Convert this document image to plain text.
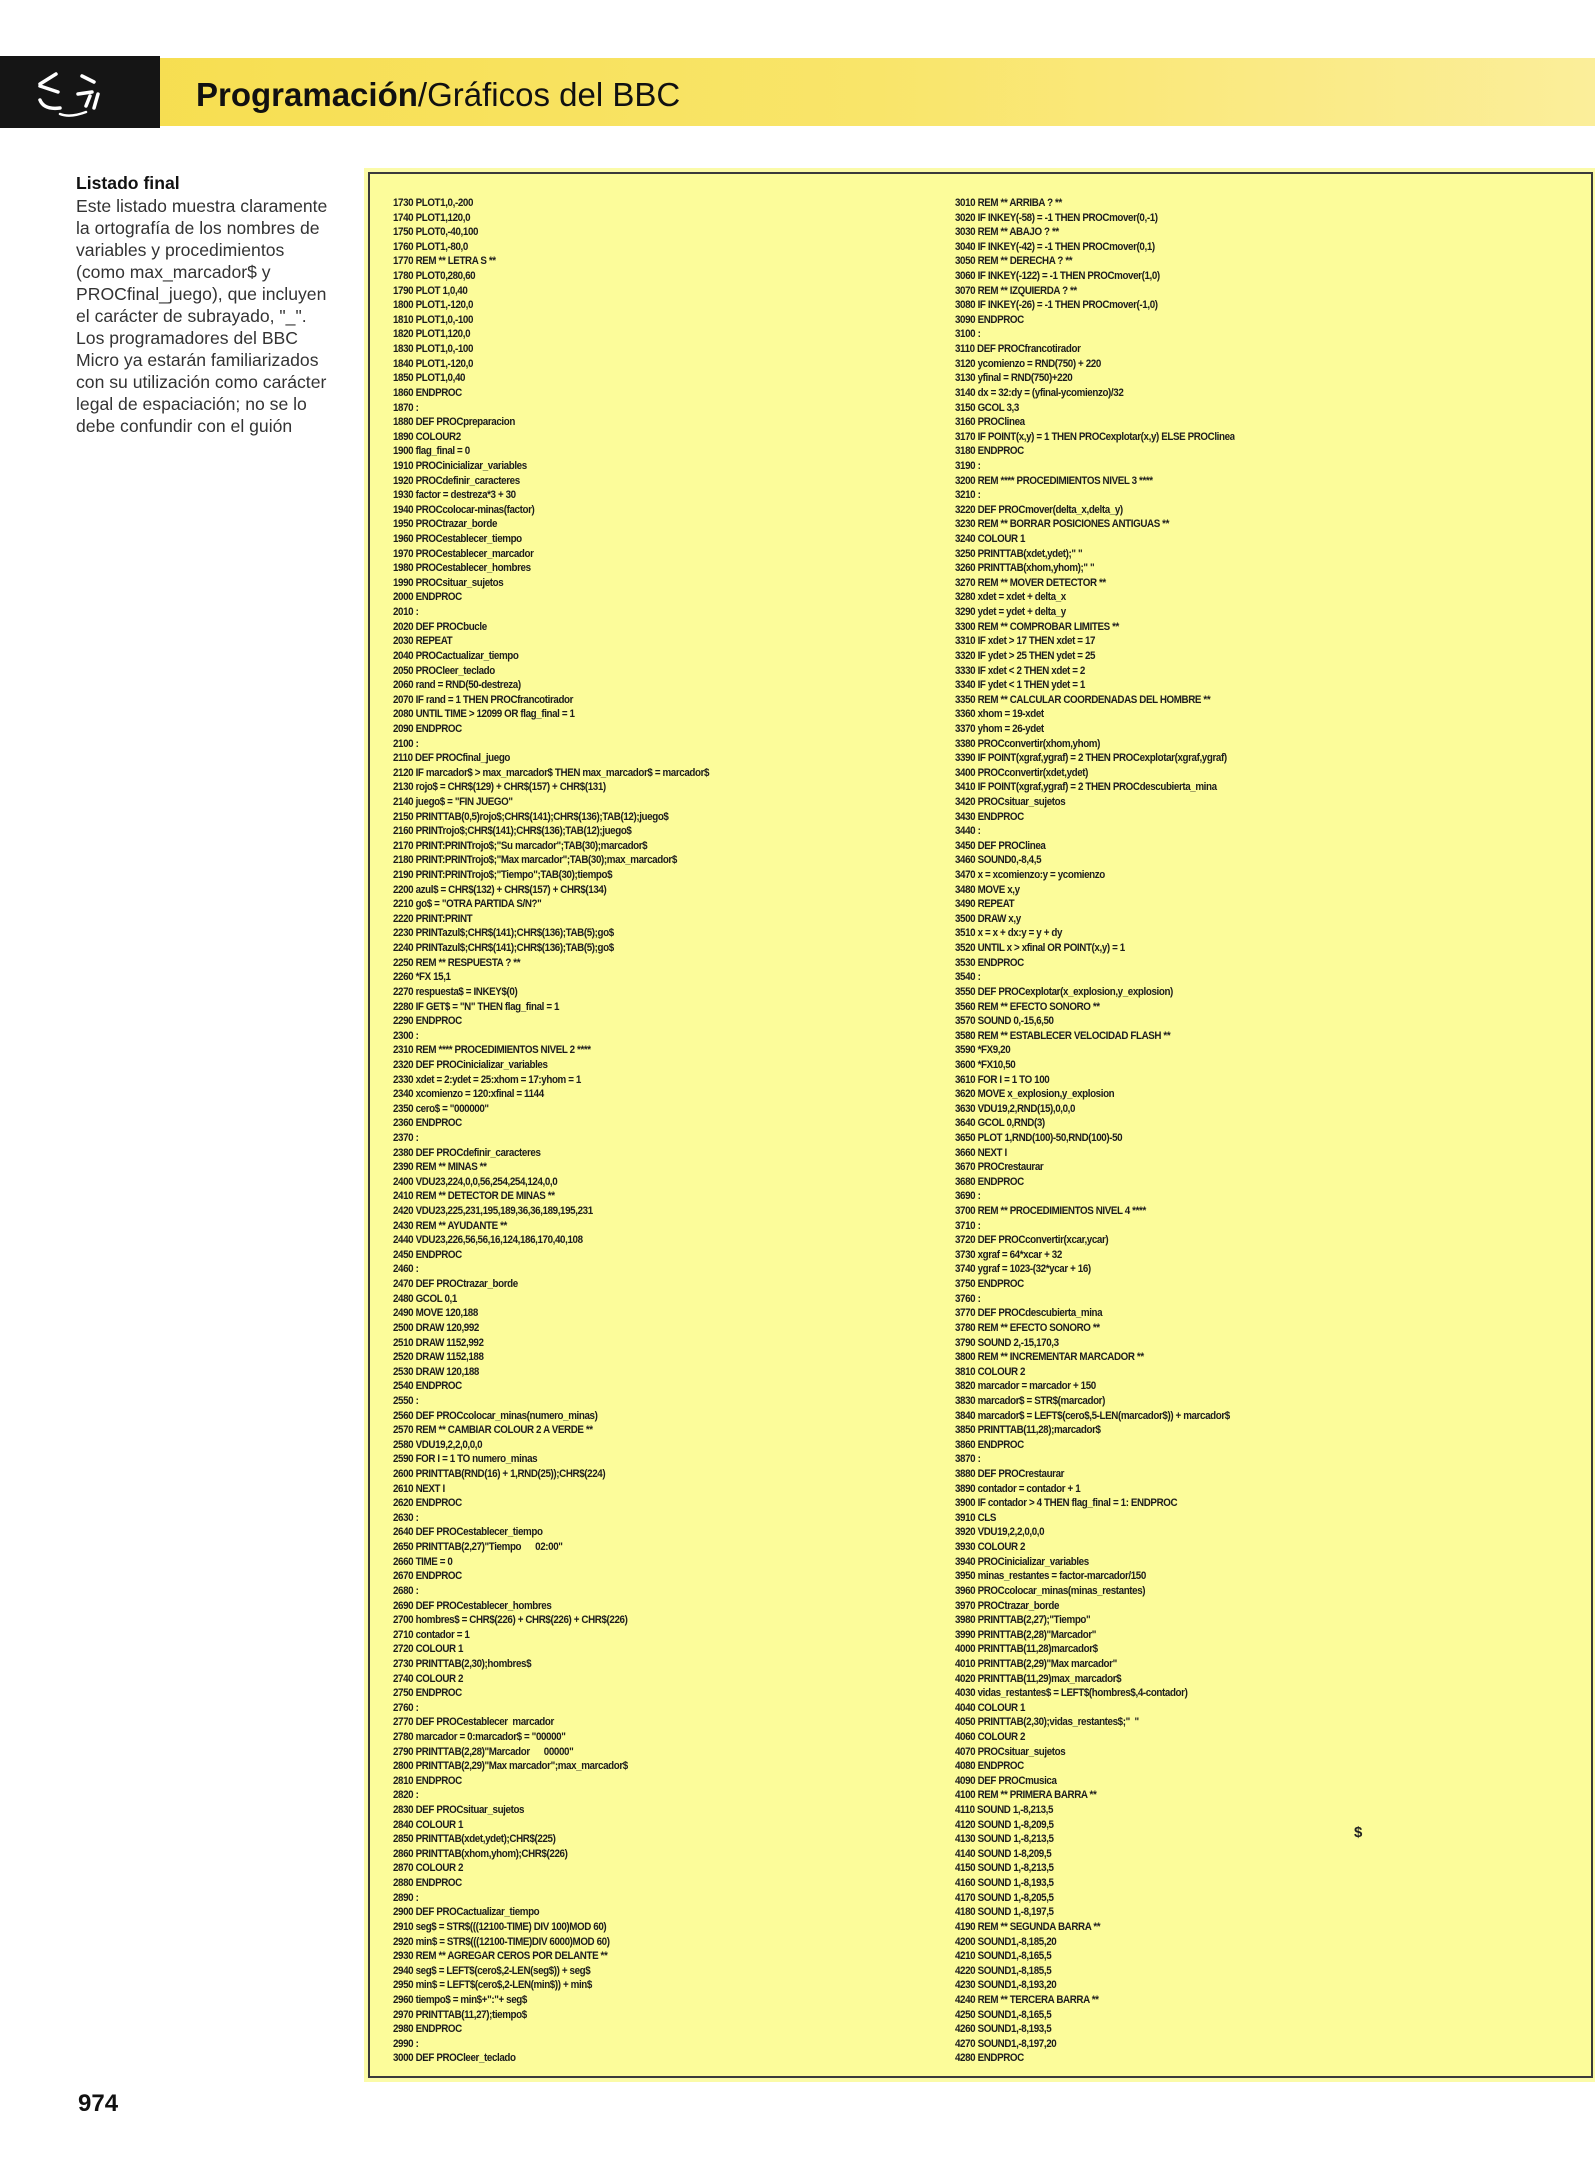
Programación/Gráficos del BBC
Listado final
Este listado muestra claramente la ortografía de los nombres de variables y procedimientos (como max_marcador$ y PROCfinal_juego), que incluyen el carácter de subrayado, "_". Los programadores del BBC Micro ya estarán familiarizados con su utilización como carácter legal de espaciación; no se lo debe confundir con el guión
1730 PLOT1,0,-200
1740 PLOT1,120,0
1750 PLOT0,-40,100
1760 PLOT1,-80,0
1770 REM ** LETRA S **
1780 PLOT0,280,60
1790 PLOT 1,0,40
1800 PLOT1,-120,0
1810 PLOT1,0,-100
1820 PLOT1,120,0
1830 PLOT1,0,-100
1840 PLOT1,-120,0
1850 PLOT1,0,40
1860 ENDPROC
1870 :
1880 DEF PROCpreparacion
1890 COLOUR2
1900 flag_final = 0
1910 PROCinicializar_variables
1920 PROCdefinir_caracteres
1930 factor = destreza*3 + 30
1940 PROCcolocar-minas(factor)
1950 PROCtrazar_borde
1960 PROCestablecer_tiempo
1970 PROCestablecer_marcador
1980 PROCestablecer_hombres
1990 PROCsituar_sujetos
2000 ENDPROC
2010 :
2020 DEF PROCbucle
2030 REPEAT
2040 PROCactualizar_tiempo
2050 PROCleer_teclado
2060 rand = RND(50-destreza)
2070 IF rand = 1 THEN PROCfrancotirador
2080 UNTIL TIME > 12099 OR flag_final = 1
2090 ENDPROC
2100 :
2110 DEF PROCfinal_juego
2120 IF marcador$ > max_marcador$ THEN max_marcador$ = marcador$
2130 rojo$ = CHR$(129) + CHR$(157) + CHR$(131)
2140 juego$ = "FIN JUEGO"
2150 PRINTTAB(0,5)rojo$;CHR$(141);CHR$(136);TAB(12);juego$
2160 PRINTrojo$;CHR$(141);CHR$(136);TAB(12);juego$
2170 PRINT:PRINTrojo$;"Su marcador";TAB(30);marcador$
2180 PRINT:PRINTrojo$;"Max marcador";TAB(30);max_marcador$
2190 PRINT:PRINTrojo$;"Tiempo";TAB(30);tiempo$
2200 azul$ = CHR$(132) + CHR$(157) + CHR$(134)
2210 go$ = "OTRA PARTIDA S/N?"
2220 PRINT:PRINT
2230 PRINTazul$;CHR$(141);CHR$(136);TAB(5);go$
2240 PRINTazul$;CHR$(141);CHR$(136);TAB(5);go$
2250 REM ** RESPUESTA ? **
2260 *FX 15,1
2270 respuesta$ = INKEY$(0)
2280 IF GET$ = "N" THEN flag_final = 1
2290 ENDPROC
2300 :
2310 REM **** PROCEDIMIENTOS NIVEL 2 ****
2320 DEF PROCinicializar_variables
2330 xdet = 2:ydet = 25:xhom = 17:yhom = 1
2340 xcomienzo = 120:xfinal = 1144
2350 cero$ = "000000"
2360 ENDPROC
2370 :
2380 DEF PROCdefinir_caracteres
2390 REM ** MINAS **
2400 VDU23,224,0,0,56,254,254,124,0,0
2410 REM ** DETECTOR DE MINAS **
2420 VDU23,225,231,195,189,36,36,189,195,231
2430 REM ** AYUDANTE **
2440 VDU23,226,56,56,16,124,186,170,40,108
2450 ENDPROC
2460 :
2470 DEF PROCtrazar_borde
2480 GCOL 0,1
2490 MOVE 120,188
2500 DRAW 120,992
2510 DRAW 1152,992
2520 DRAW 1152,188
2530 DRAW 120,188
2540 ENDPROC
2550 :
2560 DEF PROCcolocar_minas(numero_minas)
2570 REM ** CAMBIAR COLOUR 2 A VERDE **
2580 VDU19,2,2,0,0,0
2590 FOR I = 1 TO numero_minas
2600 PRINTTAB(RND(16) + 1,RND(25));CHR$(224)
2610 NEXT I
2620 ENDPROC
2630 :
2640 DEF PROCestablecer_tiempo
2650 PRINTTAB(2,27)"Tiempo      02:00"
2660 TIME = 0
2670 ENDPROC
2680 :
2690 DEF PROCestablecer_hombres
2700 hombres$ = CHR$(226) + CHR$(226) + CHR$(226)
2710 contador = 1
2720 COLOUR 1
2730 PRINTTAB(2,30);hombres$
2740 COLOUR 2
2750 ENDPROC
2760 :
2770 DEF PROCestablecer  marcador
2780 marcador = 0:marcador$ = "00000"
2790 PRINTTAB(2,28)"Marcador      00000"
2800 PRINTTAB(2,29)"Max marcador";max_marcador$
2810 ENDPROC
2820 :
2830 DEF PROCsituar_sujetos
2840 COLOUR 1
2850 PRINTTAB(xdet,ydet);CHR$(225)
2860 PRINTTAB(xhom,yhom);CHR$(226)
2870 COLOUR 2
2880 ENDPROC
2890 :
2900 DEF PROCactualizar_tiempo
2910 seg$ = STR$(((12100-TIME) DIV 100)MOD 60)
2920 min$ = STR$(((12100-TIME)DIV 6000)MOD 60)
2930 REM ** AGREGAR CEROS POR DELANTE **
2940 seg$ = LEFT$(cero$,2-LEN(seg$)) + seg$
2950 min$ = LEFT$(cero$,2-LEN(min$)) + min$
2960 tiempo$ = min$+":"+ seg$
2970 PRINTTAB(11,27);tiempo$
2980 ENDPROC
2990 :
3000 DEF PROCleer_teclado
3010 REM ** ARRIBA ? **
3020 IF INKEY(-58) = -1 THEN PROCmover(0,-1)
3030 REM ** ABAJO ? **
3040 IF INKEY(-42) = -1 THEN PROCmover(0,1)
3050 REM ** DERECHA ? **
3060 IF INKEY(-122) = -1 THEN PROCmover(1,0)
3070 REM ** IZQUIERDA ? **
3080 IF INKEY(-26) = -1 THEN PROCmover(-1,0)
3090 ENDPROC
3100 :
3110 DEF PROCfrancotirador
3120 ycomienzo = RND(750) + 220
3130 yfinal = RND(750)+220
3140 dx = 32:dy = (yfinal-ycomienzo)/32
3150 GCOL 3,3
3160 PROClinea
3170 IF POINT(x,y) = 1 THEN PROCexplotar(x,y) ELSE PROClinea
3180 ENDPROC
3190 :
3200 REM **** PROCEDIMIENTOS NIVEL 3 ****
3210 :
3220 DEF PROCmover(delta_x,delta_y)
3230 REM ** BORRAR POSICIONES ANTIGUAS **
3240 COLOUR 1
3250 PRINTTAB(xdet,ydet);" "
3260 PRINTTAB(xhom,yhom);" "
3270 REM ** MOVER DETECTOR **
3280 xdet = xdet + delta_x
3290 ydet = ydet + delta_y
3300 REM ** COMPROBAR LIMITES **
3310 IF xdet > 17 THEN xdet = 17
3320 IF ydet > 25 THEN ydet = 25
3330 IF xdet < 2 THEN xdet = 2
3340 IF ydet < 1 THEN ydet = 1
3350 REM ** CALCULAR COORDENADAS DEL HOMBRE **
3360 xhom = 19-xdet
3370 yhom = 26-ydet
3380 PROCconvertir(xhom,yhom)
3390 IF POINT(xgraf,ygraf) = 2 THEN PROCexplotar(xgraf,ygraf)
3400 PROCconvertir(xdet,ydet)
3410 IF POINT(xgraf,ygraf) = 2 THEN PROCdescubierta_mina
3420 PROCsituar_sujetos
3430 ENDPROC
3440 :
3450 DEF PROClinea
3460 SOUND0,-8,4,5
3470 x = xcomienzo:y = ycomienzo
3480 MOVE x,y
3490 REPEAT
3500 DRAW x,y
3510 x = x + dx:y = y + dy
3520 UNTIL x > xfinal OR POINT(x,y) = 1
3530 ENDPROC
3540 :
3550 DEF PROCexplotar(x_explosion,y_explosion)
3560 REM ** EFECTO SONORO **
3570 SOUND 0,-15,6,50
3580 REM ** ESTABLECER VELOCIDAD FLASH **
3590 *FX9,20
3600 *FX10,50
3610 FOR I = 1 TO 100
3620 MOVE x_explosion,y_explosion
3630 VDU19,2,RND(15),0,0,0
3640 GCOL 0,RND(3)
3650 PLOT 1,RND(100)-50,RND(100)-50
3660 NEXT I
3670 PROCrestaurar
3680 ENDPROC
3690 :
3700 REM ** PROCEDIMIENTOS NIVEL 4 ****
3710 :
3720 DEF PROCconvertir(xcar,ycar)
3730 xgraf = 64*xcar + 32
3740 ygraf = 1023-(32*ycar + 16)
3750 ENDPROC
3760 :
3770 DEF PROCdescubierta_mina
3780 REM ** EFECTO SONORO **
3790 SOUND 2,-15,170,3
3800 REM ** INCREMENTAR MARCADOR **
3810 COLOUR 2
3820 marcador = marcador + 150
3830 marcador$ = STR$(marcador)
3840 marcador$ = LEFT$(cero$,5-LEN(marcador$)) + marcador$
3850 PRINTTAB(11,28);marcador$
3860 ENDPROC
3870 :
3880 DEF PROCrestaurar
3890 contador = contador + 1
3900 IF contador > 4 THEN flag_final = 1: ENDPROC
3910 CLS
3920 VDU19,2,2,0,0,0
3930 COLOUR 2
3940 PROCinicializar_variables
3950 minas_restantes = factor-marcador/150
3960 PROCcolocar_minas(minas_restantes)
3970 PROCtrazar_borde
3980 PRINTTAB(2,27);"Tiempo"
3990 PRINTTAB(2,28)"Marcador"
4000 PRINTTAB(11,28)marcador$
4010 PRINTTAB(2,29)"Max marcador"
4020 PRINTTAB(11,29)max_marcador$
4030 vidas_restantes$ = LEFT$(hombres$,4-contador)
4040 COLOUR 1
4050 PRINTTAB(2,30);vidas_restantes$;"  "
4060 COLOUR 2
4070 PROCsituar_sujetos
4080 ENDPROC
4090 DEF PROCmusica
4100 REM ** PRIMERA BARRA **
4110 SOUND 1,-8,213,5
4120 SOUND 1,-8,209,5
4130 SOUND 1,-8,213,5
4140 SOUND 1-8,209,5
4150 SOUND 1,-8,213,5
4160 SOUND 1,-8,193,5
4170 SOUND 1,-8,205,5
4180 SOUND 1,-8,197,5
4190 REM ** SEGUNDA BARRA **
4200 SOUND1,-8,185,20
4210 SOUND1,-8,165,5
4220 SOUND1,-8,185,5
4230 SOUND1,-8,193,20
4240 REM ** TERCERA BARRA **
4250 SOUND1,-8,165,5
4260 SOUND1,-8,193,5
4270 SOUND1,-8,197,20
4280 ENDPROC
$
974
